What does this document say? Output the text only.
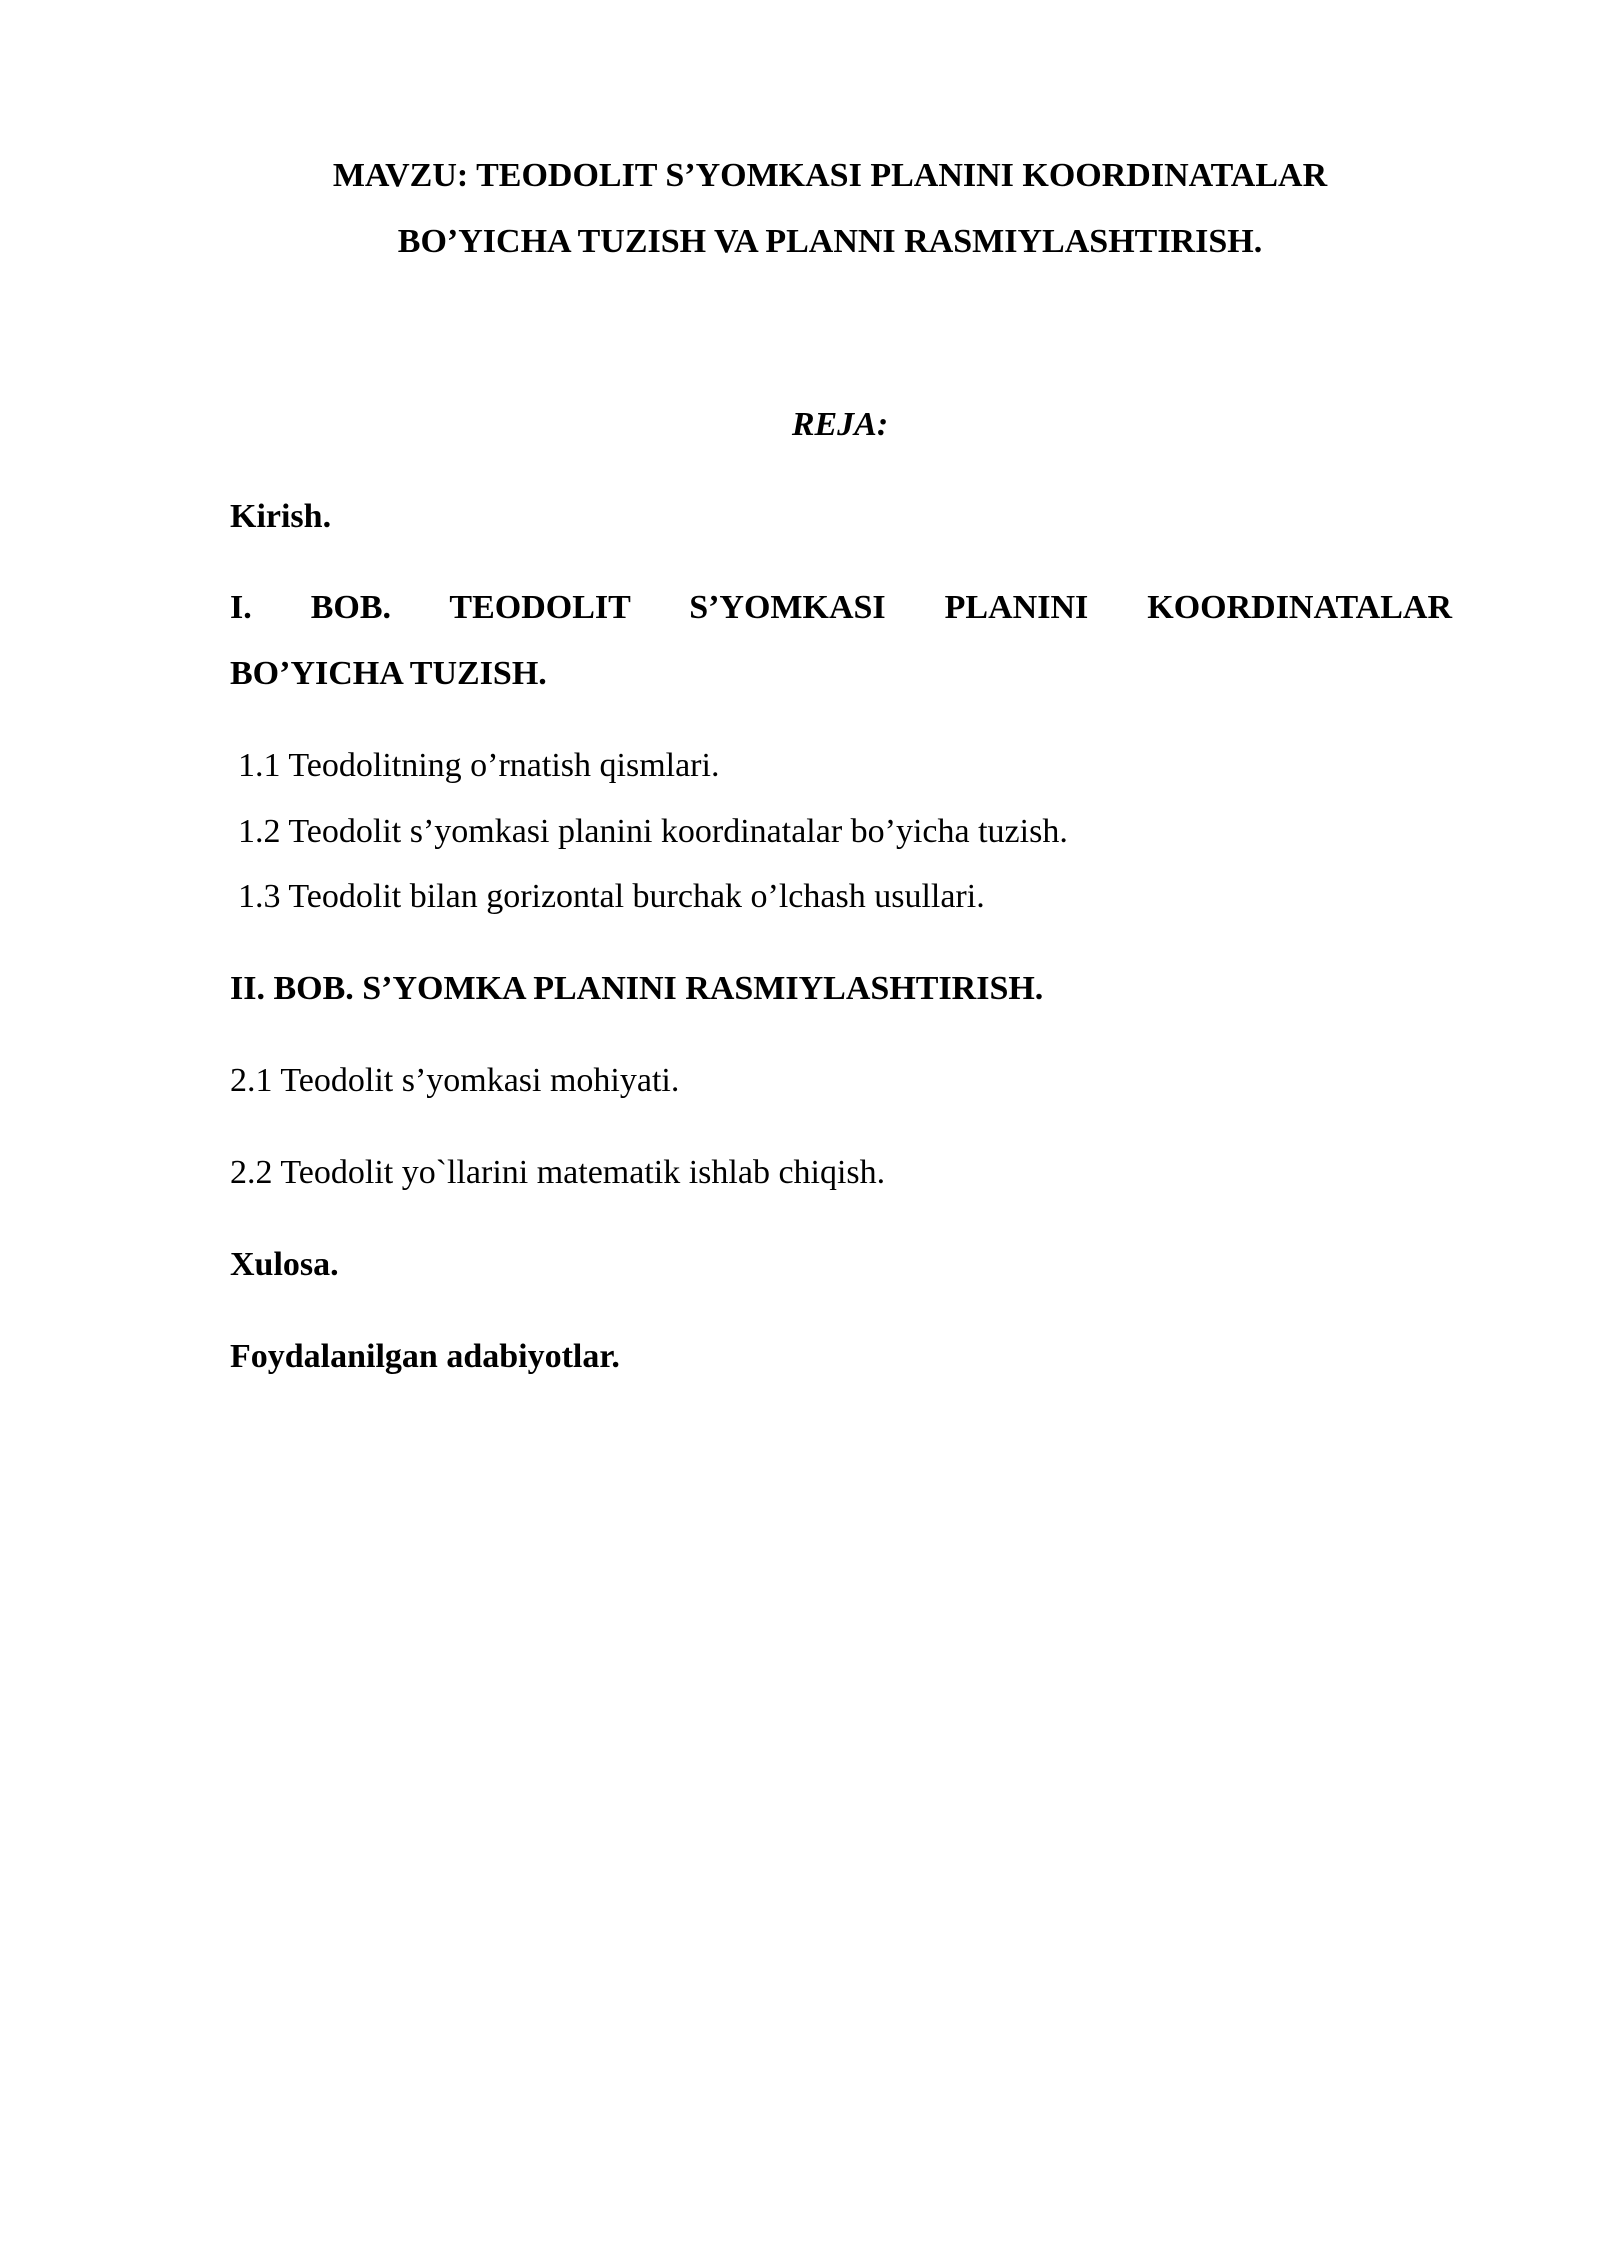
MAVZU: TEODOLIT S’YOMKASI PLANINI KOORDINATALAR
BO’YICHA TUZISH VA PLANNI RASMIYLASHTIRISH.
REJA:
Kirish.
I. BOB. TEODOLIT S’YOMKASI PLANINI KOORDINATALAR
BO’YICHA TUZISH.
1.1 Teodolitning o’rnatish qismlari.
1.2 Teodolit s’yomkasi planini koordinatalar bo’yicha tuzish.
1.3 Teodolit bilan gorizontal burchak o’lchash usullari.
II. BOB. S’YOMKA PLANINI RASMIYLASHTIRISH.
2.1 Teodolit s’yomkasi mohiyati.
2.2 Teodolit yo`llarini matematik ishlab chiqish.
Xulosa.
Foydalanilgan adabiyotlar.
